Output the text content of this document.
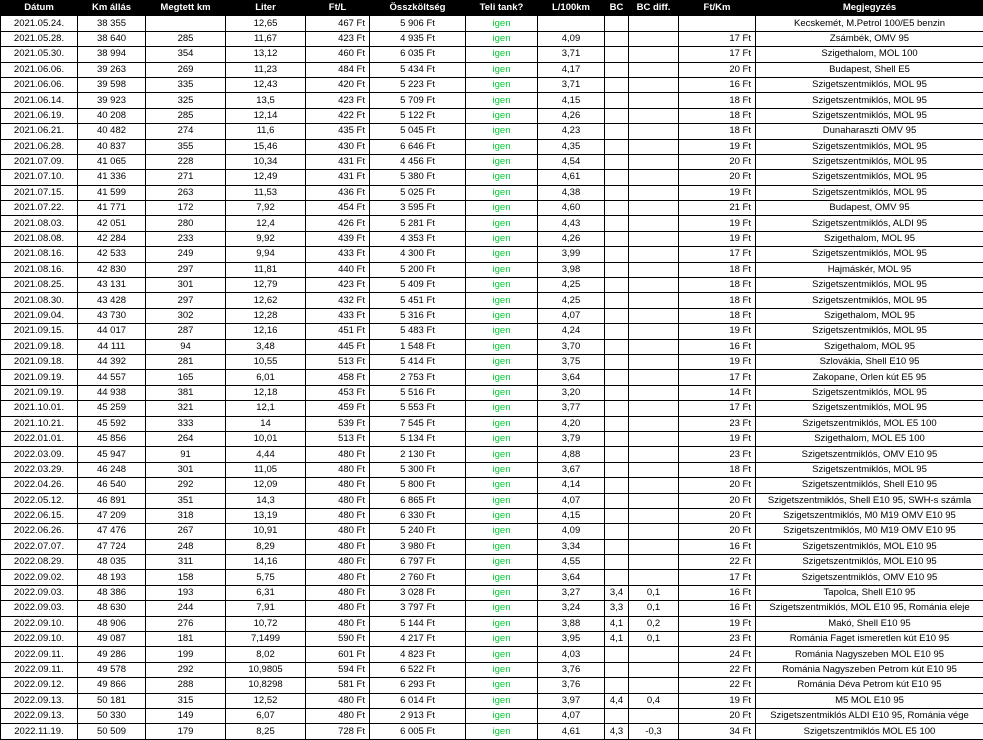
Dátum	Km állás	Megtett km	Liter	Ft/L	Összköltség	Teli tank?	L/100km	BC	BC diff.	Ft/Km	Megjegyzés
2021.05.24.	38 355		12,65	467 Ft	5 906 Ft	igen					Kecskemét, M.Petrol 100/E5 benzin
2021.05.28.	38 640	285	11,67	423 Ft	4 935 Ft	igen	4,09			17 Ft	Zsámbék, OMV 95
2021.05.30.	38 994	354	13,12	460 Ft	6 035 Ft	igen	3,71			17 Ft	Szigethalom, MOL 100
2021.06.06.	39 263	269	11,23	484 Ft	5 434 Ft	igen	4,17			20 Ft	Budapest, Shell E5
2021.06.06.	39 598	335	12,43	420 Ft	5 223 Ft	igen	3,71			16 Ft	Szigetszentmiklós, MOL 95
2021.06.14.	39 923	325	13,5	423 Ft	5 709 Ft	igen	4,15			18 Ft	Szigetszentmiklós, MOL 95
2021.06.19.	40 208	285	12,14	422 Ft	5 122 Ft	igen	4,26			18 Ft	Szigetszentmiklós, MOL 95
2021.06.21.	40 482	274	11,6	435 Ft	5 045 Ft	igen	4,23			18 Ft	Dunaharaszti OMV 95
2021.06.28.	40 837	355	15,46	430 Ft	6 646 Ft	igen	4,35			19 Ft	Szigetszentmiklós, MOL 95
2021.07.09.	41 065	228	10,34	431 Ft	4 456 Ft	igen	4,54			20 Ft	Szigetszentmiklós, MOL 95
2021.07.10.	41 336	271	12,49	431 Ft	5 380 Ft	igen	4,61			20 Ft	Szigetszentmiklós, MOL 95
2021.07.15.	41 599	263	11,53	436 Ft	5 025 Ft	igen	4,38			19 Ft	Szigetszentmiklós, MOL 95
2021.07.22.	41 771	172	7,92	454 Ft	3 595 Ft	igen	4,60			21 Ft	Budapest, OMV 95
2021.08.03.	42 051	280	12,4	426 Ft	5 281 Ft	igen	4,43			19 Ft	Szigetszentmiklós, ALDI 95
2021.08.08.	42 284	233	9,92	439 Ft	4 353 Ft	igen	4,26			19 Ft	Szigethalom, MOL 95
2021.08.16.	42 533	249	9,94	433 Ft	4 300 Ft	igen	3,99			17 Ft	Szigetszentmiklós, MOL 95
2021.08.16.	42 830	297	11,81	440 Ft	5 200 Ft	igen	3,98			18 Ft	Hajmáskér, MOL 95
2021.08.25.	43 131	301	12,79	423 Ft	5 409 Ft	igen	4,25			18 Ft	Szigetszentmiklós, MOL 95
2021.08.30.	43 428	297	12,62	432 Ft	5 451 Ft	igen	4,25			18 Ft	Szigetszentmiklós, MOL 95
2021.09.04.	43 730	302	12,28	433 Ft	5 316 Ft	igen	4,07			18 Ft	Szigethalom, MOL 95
2021.09.15.	44 017	287	12,16	451 Ft	5 483 Ft	igen	4,24			19 Ft	Szigetszentmiklós, MOL 95
2021.09.18.	44 111	94	3,48	445 Ft	1 548 Ft	igen	3,70			16 Ft	Szigethalom, MOL 95
2021.09.18.	44 392	281	10,55	513 Ft	5 414 Ft	igen	3,75			19 Ft	Szlovákia, Shell E10 95
2021.09.19.	44 557	165	6,01	458 Ft	2 753 Ft	igen	3,64			17 Ft	Zakopane, Orlen kút E5 95
2021.09.19.	44 938	381	12,18	453 Ft	5 516 Ft	igen	3,20			14 Ft	Szigetszentmiklós, MOL 95
2021.10.01.	45 259	321	12,1	459 Ft	5 553 Ft	igen	3,77			17 Ft	Szigetszentmiklós, MOL 95
2021.10.21.	45 592	333	14	539 Ft	7 545 Ft	igen	4,20			23 Ft	Szigetszentmiklós, MOL E5 100
2022.01.01.	45 856	264	10,01	513 Ft	5 134 Ft	igen	3,79			19 Ft	Szigethalom, MOL E5 100
2022.03.09.	45 947	91	4,44	480 Ft	2 130 Ft	igen	4,88			23 Ft	Szigetszentmiklós, OMV E10 95
2022.03.29.	46 248	301	11,05	480 Ft	5 300 Ft	igen	3,67			18 Ft	Szigetszentmiklós, MOL 95
2022.04.26.	46 540	292	12,09	480 Ft	5 800 Ft	igen	4,14			20 Ft	Szigetszentmiklós, Shell E10 95
2022.05.12.	46 891	351	14,3	480 Ft	6 865 Ft	igen	4,07			20 Ft	Szigetszentmiklós, Shell E10 95, SWH-s számla
2022.06.15.	47 209	318	13,19	480 Ft	6 330 Ft	igen	4,15			20 Ft	Szigetszentmiklós, M0 M19 OMV E10 95
2022.06.26.	47 476	267	10,91	480 Ft	5 240 Ft	igen	4,09			20 Ft	Szigetszentmiklós, M0 M19 OMV E10 95
2022.07.07.	47 724	248	8,29	480 Ft	3 980 Ft	igen	3,34			16 Ft	Szigetszentmiklós, MOL E10 95
2022.08.29.	48 035	311	14,16	480 Ft	6 797 Ft	igen	4,55			22 Ft	Szigetszentmiklós, MOL E10 95
2022.09.02.	48 193	158	5,75	480 Ft	2 760 Ft	igen	3,64			17 Ft	Szigetszentmiklós, OMV E10 95
2022.09.03.	48 386	193	6,31	480 Ft	3 028 Ft	igen	3,27	3,4	0,1	16 Ft	Tapolca, Shell E10 95
2022.09.03.	48 630	244	7,91	480 Ft	3 797 Ft	igen	3,24	3,3	0,1	16 Ft	Szigetszentmiklós, MOL E10 95, Románia eleje
2022.09.10.	48 906	276	10,72	480 Ft	5 144 Ft	igen	3,88	4,1	0,2	19 Ft	Makó, Shell E10 95
2022.09.10.	49 087	181	7,1499	590 Ft	4 217 Ft	igen	3,95	4,1	0,1	23 Ft	Románia Faget ismeretlen kút E10 95
2022.09.11.	49 286	199	8,02	601 Ft	4 823 Ft	igen	4,03			24 Ft	Románia Nagyszeben MOL E10 95
2022.09.11.	49 578	292	10,9805	594 Ft	6 522 Ft	igen	3,76			22 Ft	Románia Nagyszeben Petrom kút E10 95
2022.09.12.	49 866	288	10,8298	581 Ft	6 293 Ft	igen	3,76			22 Ft	Románia Déva Petrom kút E10 95
2022.09.13.	50 181	315	12,52	480 Ft	6 014 Ft	igen	3,97	4,4	0,4	19 Ft	M5 MOL E10 95
2022.09.13.	50 330	149	6,07	480 Ft	2 913 Ft	igen	4,07			20 Ft	Szigetszentmiklós ALDI E10 95, Románia vége
2022.11.19.	50 509	179	8,25	728 Ft	6 005 Ft	igen	4,61	4,3	-0,3	34 Ft	Szigetszentmiklós MOL E5 100
